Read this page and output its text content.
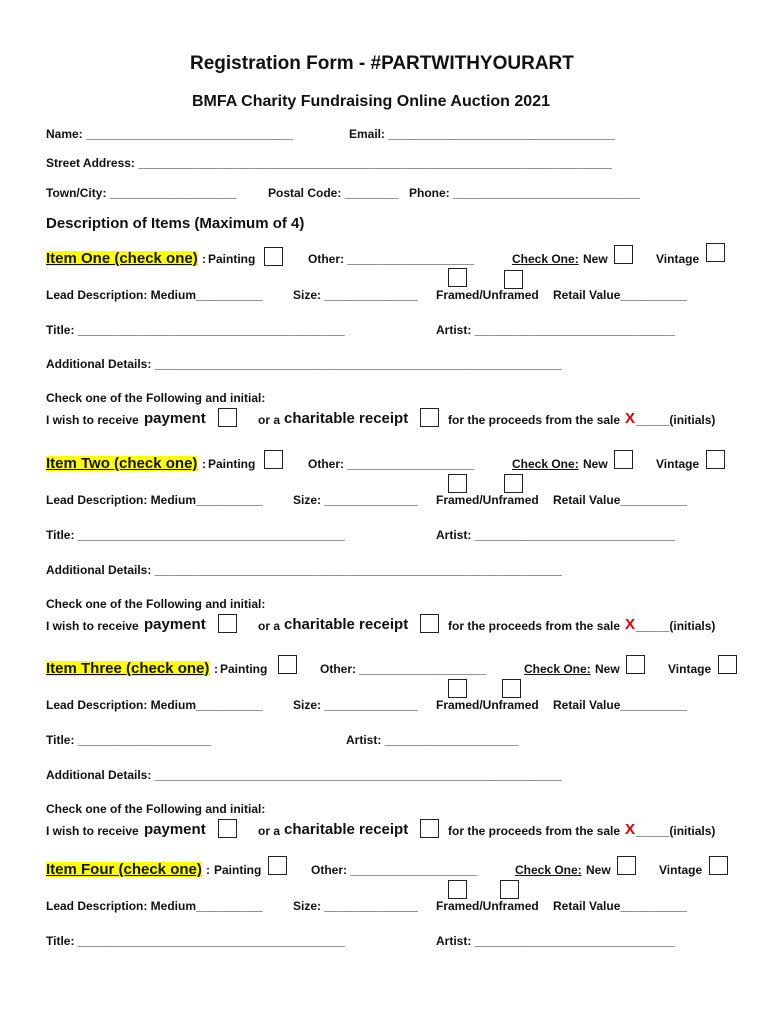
Registration Form - #PARTWITHYOURART
BMFA Charity Fundraising Online Auction 2021
Name: _______________________________	Email: __________________________________
Street Address: _______________________________________________________________________
Town/City: ___________________	Postal Code: ________ Phone: ____________________________
Description of Items (Maximum of 4)
Item One (check one) : Painting	Other: ___________________	Check One: New	Vintage
Lead Description: Medium__________	Size: ______________ Framed/Unframed Retail Value__________
Title: ________________________________________	Artist: ______________________________
Additional Details: _____________________________________________________________
Check one of the Following and initial:
I wish to receive payment	or a charitable receipt	for the proceeds from the sale X _____(initials)
Item Two (check one) : Painting	Other: ___________________	Check One: New	Vintage
Lead Description: Medium__________	Size: ______________ Framed/Unframed Retail Value__________
Title: ________________________________________	Artist: ______________________________
Additional Details: _____________________________________________________________
Check one of the Following and initial:
I wish to receive payment	or a charitable receipt	for the proceeds from the sale X _____(initials)
Item Three (check one) : Painting	Other: ___________________	Check One: New	Vintage
Lead Description: Medium__________	Size: ______________ Framed/Unframed Retail Value__________
Title: ____________________	Artist: ____________________
Additional Details: _____________________________________________________________
Check one of the Following and initial:
I wish to receive payment	or a charitable receipt	for the proceeds from the sale X _____(initials)
Item Four (check one) : Painting	Other: ___________________	Check One: New	Vintage
Lead Description: Medium__________	Size: ______________ Framed/Unframed Retail Value__________
Title: ________________________________________	Artist: ______________________________
